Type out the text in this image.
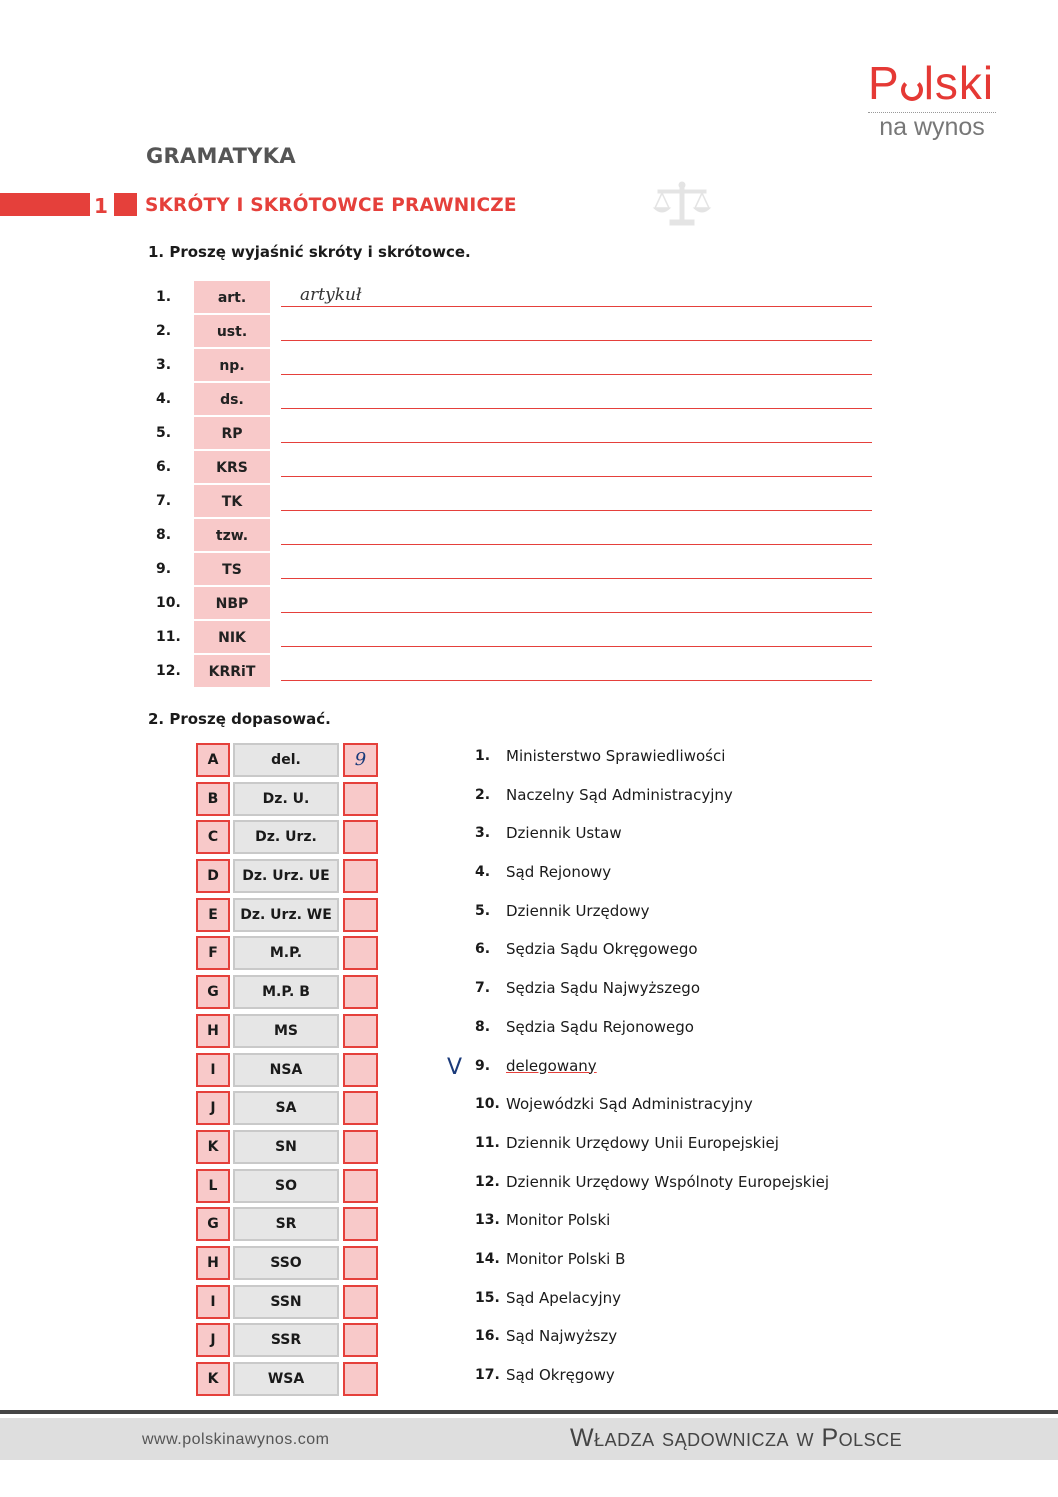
P lski
na wynos
GRAMATYKA
1 SKRÓTY I SKRÓTOWCE PRAWNICZE
1. Proszę wyjaśnić skróty i skrótowce.
1.	art.	artykuł
2.	ust.
3.	np.
4.	ds.
5.	RP
6.	KRS
7.	TK
8.	tzw.
9.	TS
10.	NBP
11.	NIK
12.	KRRiT
2. Proszę dopasować.
A	del.	9
B	Dz. U.
C	Dz. Urz.
D	Dz. Urz. UE
E	Dz. Urz. WE
F	M.P.
G	M.P. B
H	MS
I	NSA
J	SA
K	SN
L	SO
G	SR
H	SSO
I	SSN
J	SSR
K	WSA
V
1. Ministerstwo Sprawiedliwości
2. Naczelny Sąd Administracyjny
3. Dziennik Ustaw
4. Sąd Rejonowy
5. Dziennik Urzędowy
6. Sędzia Sądu Okręgowego
7. Sędzia Sądu Najwyższego
8. Sędzia Sądu Rejonowego
9. delegowany
10. Wojewódzki Sąd Administracyjny
11. Dziennik Urzędowy Unii Europejskiej
12. Dziennik Urzędowy Wspólnoty Europejskiej
13. Monitor Polski
14. Monitor Polski B
15. Sąd Apelacyjny
16. Sąd Najwyższy
17. Sąd Okręgowy
www.polskinawynos.com	Władza sądownicza w Polsce
